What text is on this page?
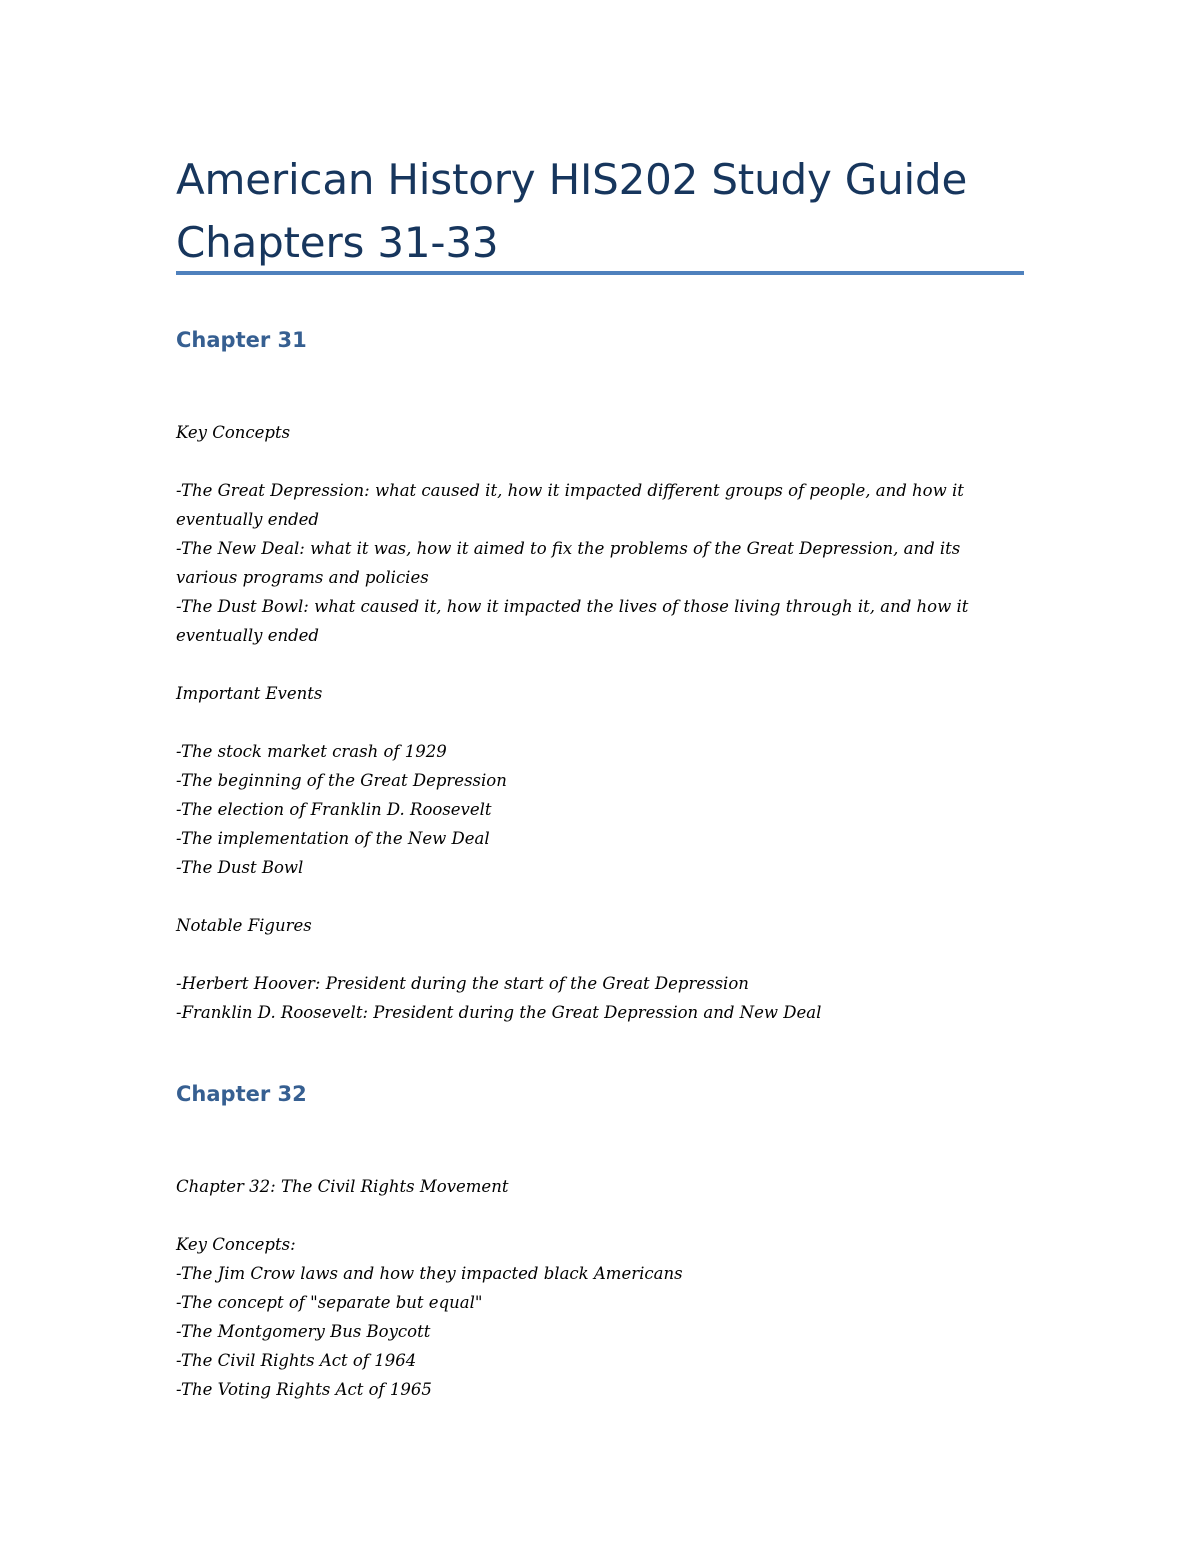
American History HIS202 Study Guide
Chapters 31-33
Chapter 31

Key Concepts

-The Great Depression: what caused it, how it impacted different groups of people, and how it eventually ended

-The New Deal: what it was, how it aimed to fix the problems of the Great Depression, and its various programs and policies

-The Dust Bowl: what caused it, how it impacted the lives of those living through it, and how it eventually ended

Important Events

-The stock market crash of 1929

-The beginning of the Great Depression

-The election of Franklin D. Roosevelt

-The implementation of the New Deal

-The Dust Bowl

Notable Figures

-Herbert Hoover: President during the start of the Great Depression

-Franklin D. Roosevelt: President during the Great Depression and New Deal

Chapter 32

Chapter 32: The Civil Rights Movement

Key Concepts:

-The Jim Crow laws and how they impacted black Americans

-The concept of "separate but equal"

-The Montgomery Bus Boycott

-The Civil Rights Act of 1964

-The Voting Rights Act of 1965
